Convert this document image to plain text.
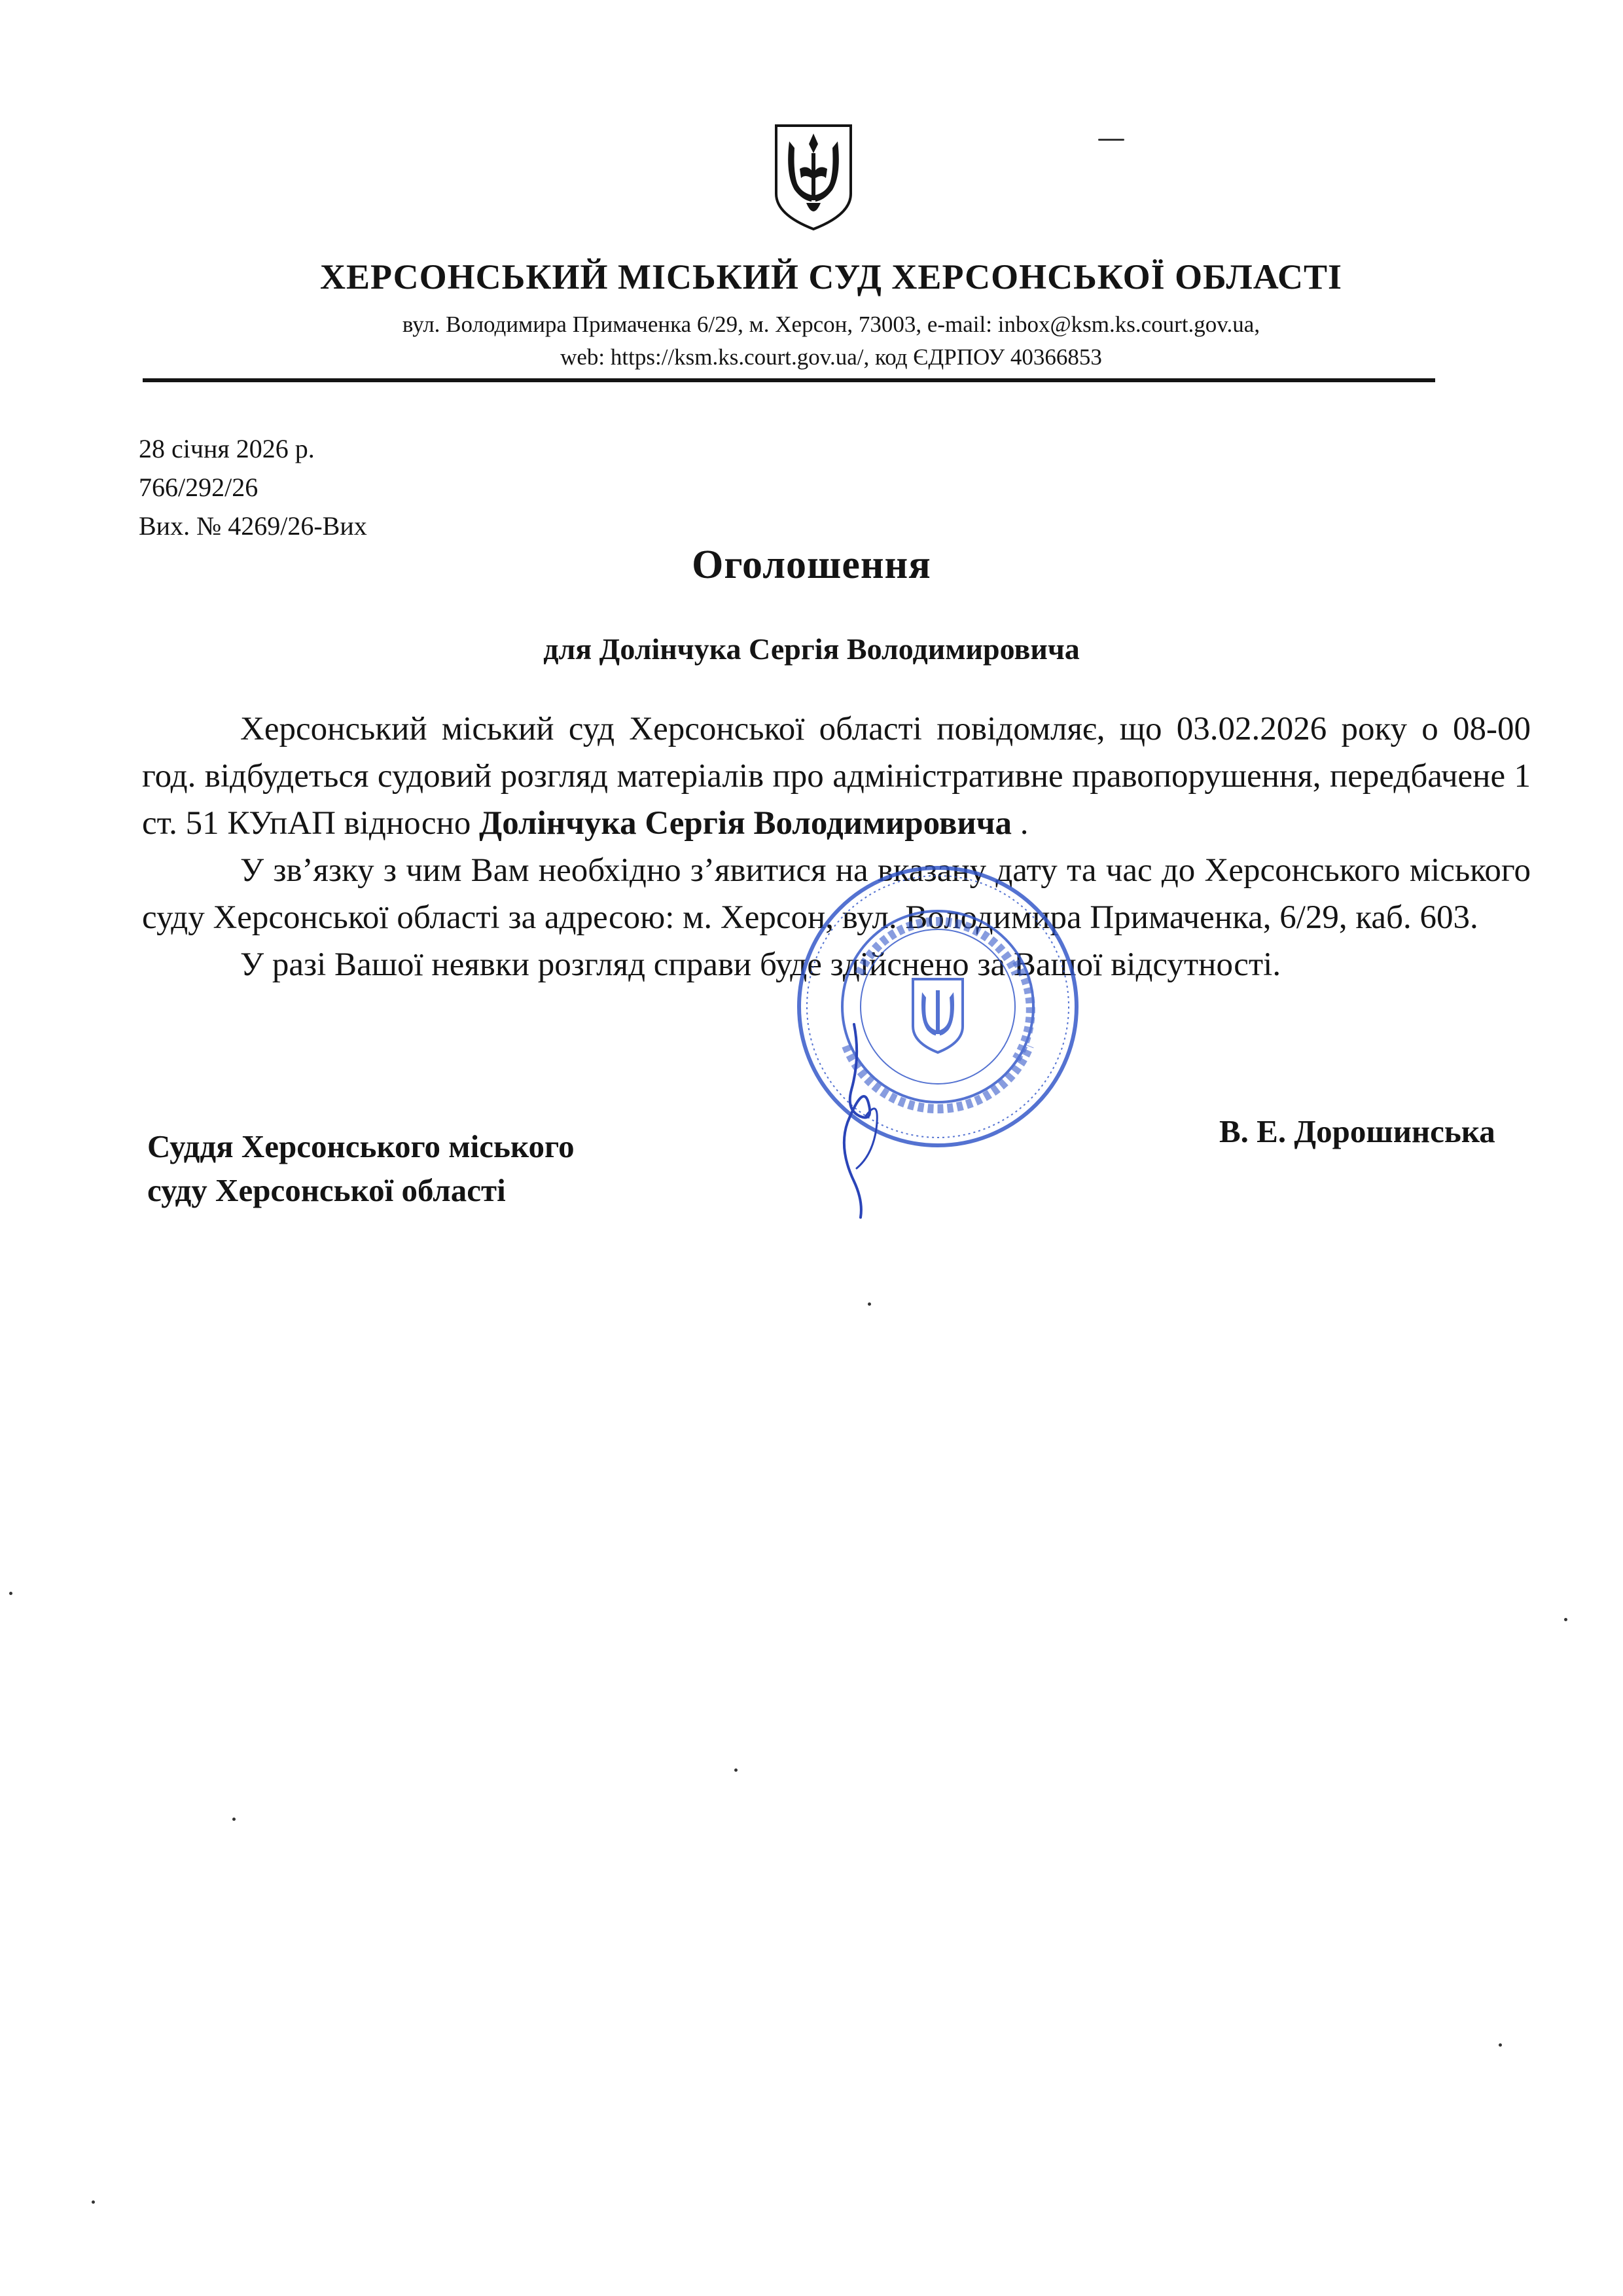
ХЕРСОНСЬКИЙ МІСЬКИЙ СУД ХЕРСОНСЬКОЇ ОБЛАСТІ
вул. Володимира Примаченка 6/29, м. Херсон, 73003, e-mail: inbox@ksm.ks.court.gov.ua,
web: https://ksm.ks.court.gov.ua/, код ЄДРПОУ 40366853
28 січня 2026 р.
766/292/26
Вих. № 4269/26-Вих
Оголошення
для Долінчука Сергія Володимировича

Херсонський міський суд Херсонської області повідомляє, що 03.02.2026 року о 08-00 год. відбудеться судовий розгляд матеріалів про адміністративне правопорушення, передбачене 1 ст. 51 КУпАП відносно Долінчука Сергія Володимировича .

У зв’язку з чим Вам необхідно з’явитися на вказану дату та час до Херсонського міського суду Херсонської області за адресою: м. Херсон, вул. Володимира Примаченка, 6/29, каб. 603.

У разі Вашої неявки розгляд справи буде здійснено за Вашої відсутності.

Суддя Херсонського міського
суду Херсонської області
В. Е. Дорошинська
